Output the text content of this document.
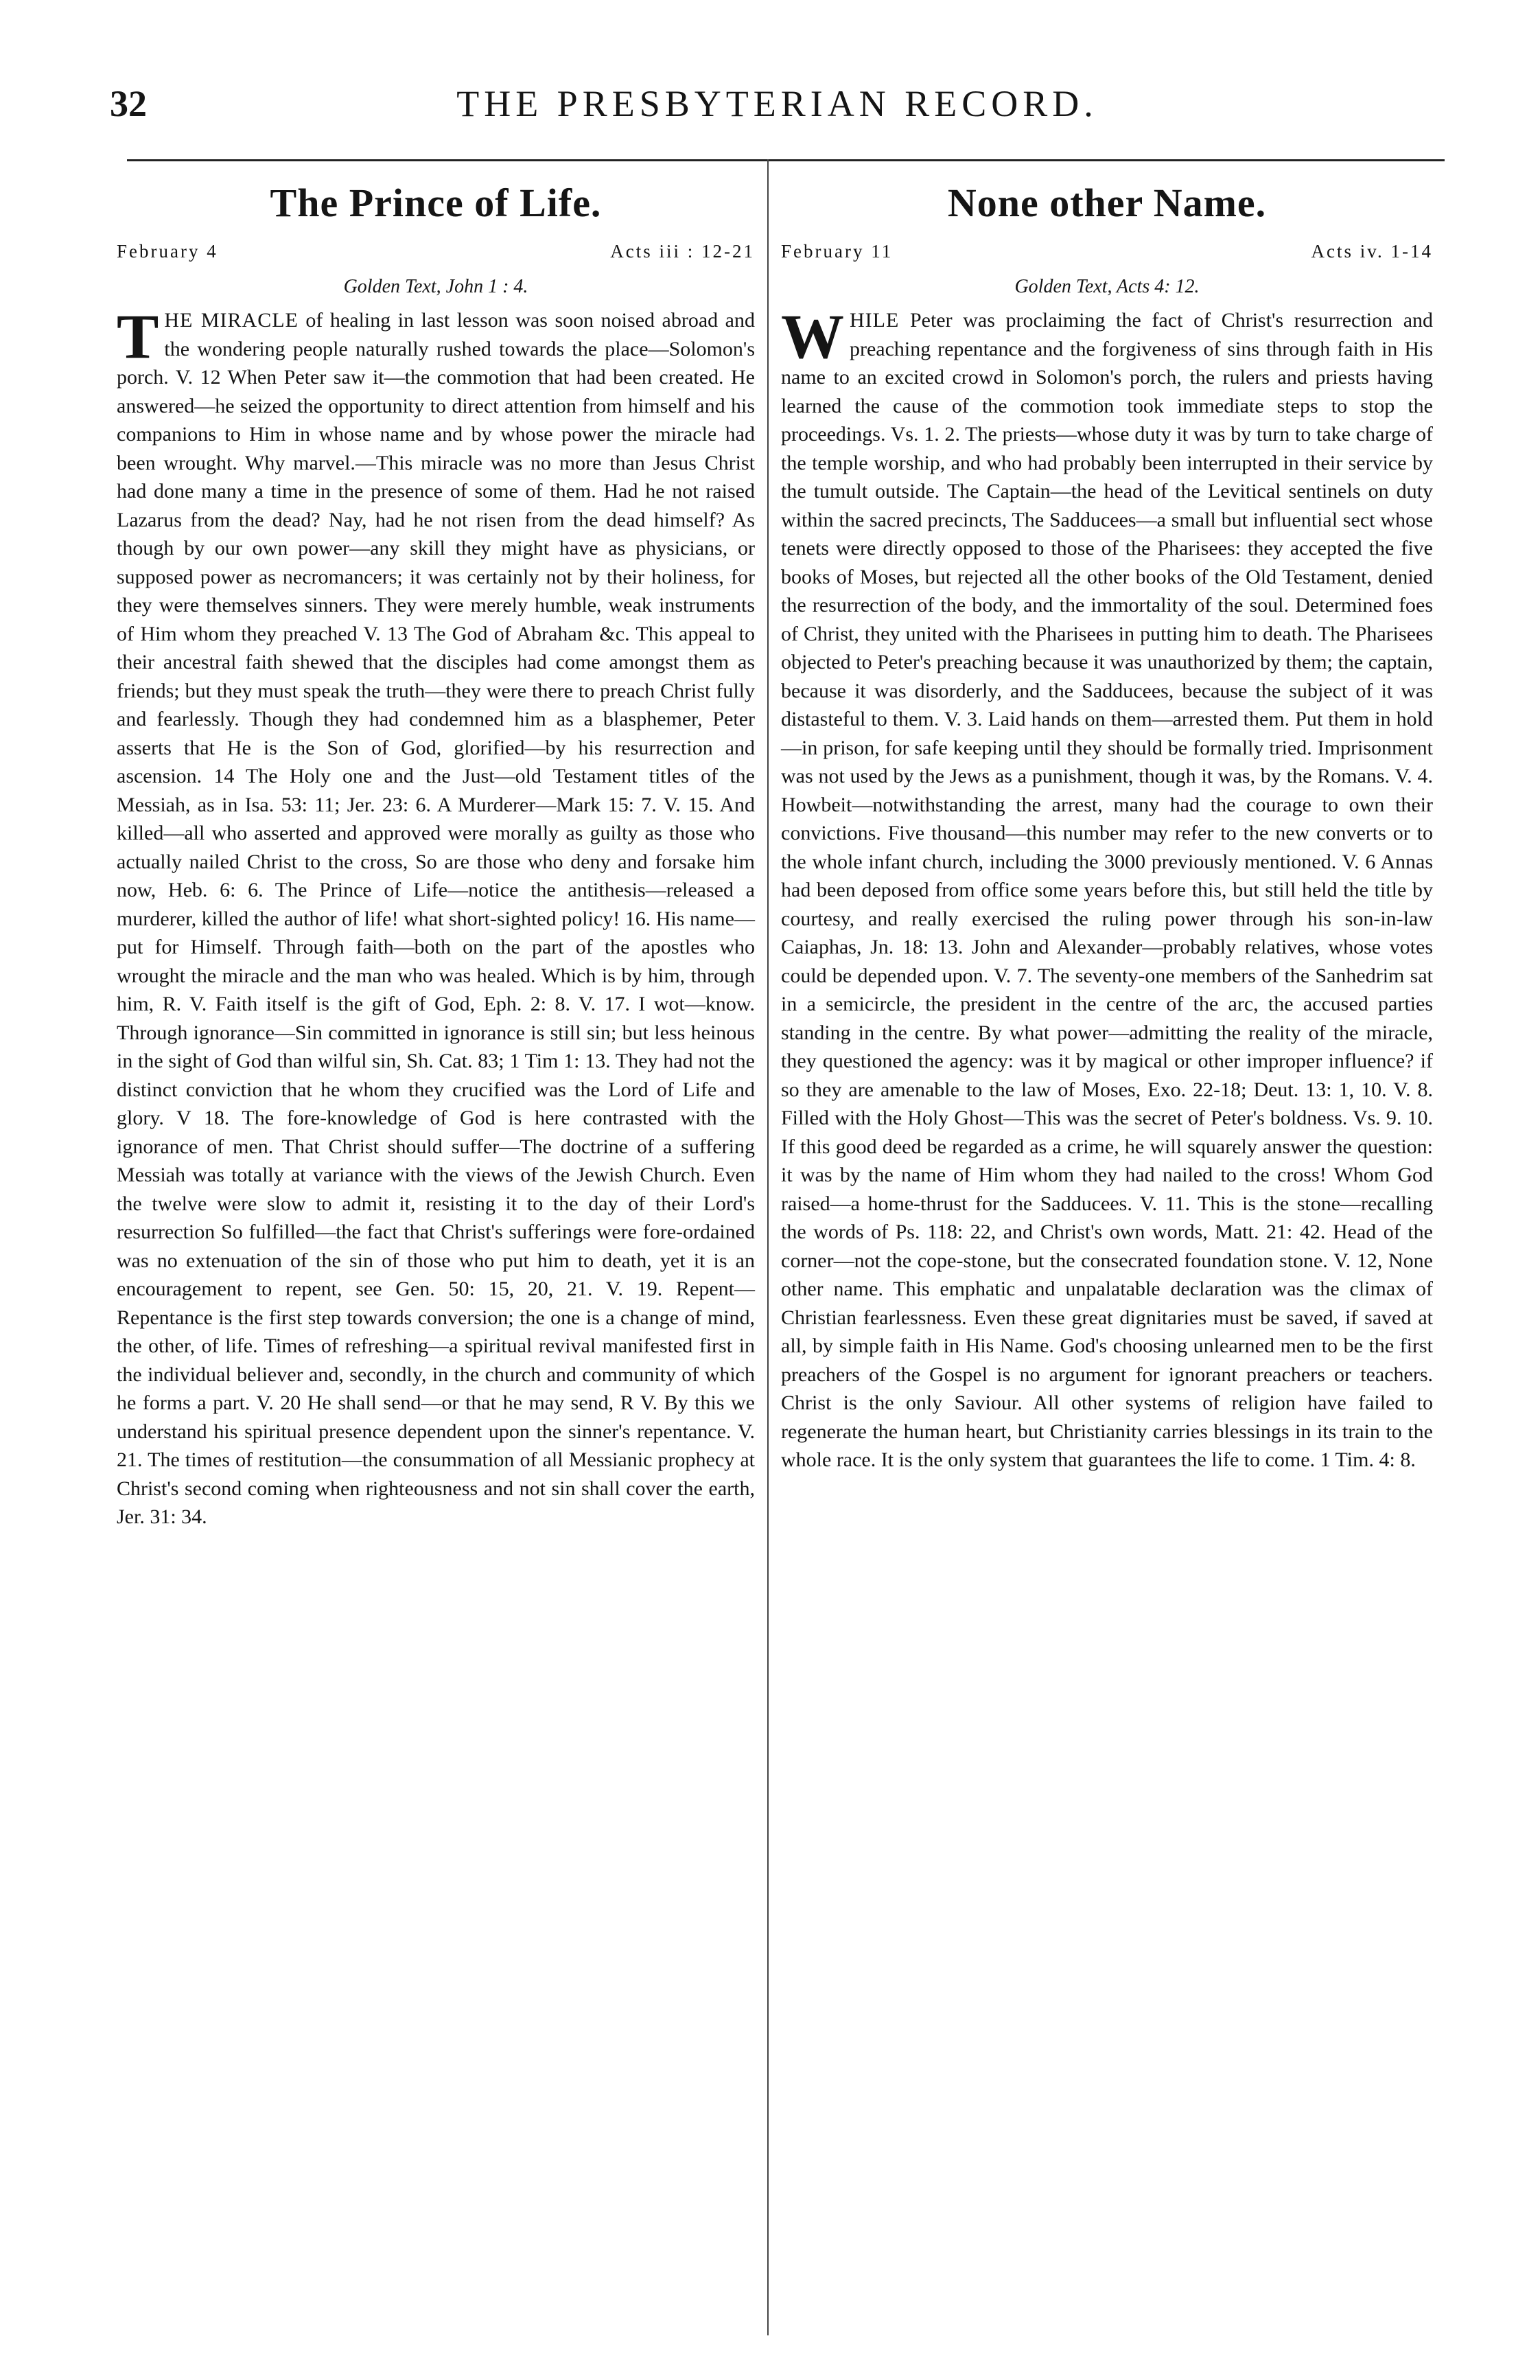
32	THE PRESBYTERIAN RECORD.
The Prince of Life.
February 4	Acts iii : 12-21
Golden Text, John 1 : 4.
THE MIRACLE of healing in last lesson was soon noised abroad and the wondering people naturally rushed towards the place—Solomon's porch. V. 12 When Peter saw it—the commotion that had been created. He answered—he seized the opportunity to direct attention from himself and his companions to Him in whose name and by whose power the miracle had been wrought. Why marvel.—This miracle was no more than Jesus Christ had done many a time in the presence of some of them. Had he not raised Lazarus from the dead? Nay, had he not risen from the dead himself? As though by our own power—any skill they might have as physicians, or supposed power as necromancers; it was certainly not by their holiness, for they were themselves sinners. They were merely humble, weak instruments of Him whom they preached V. 13 The God of Abraham &c. This appeal to their ancestral faith shewed that the disciples had come amongst them as friends; but they must speak the truth—they were there to preach Christ fully and fearlessly. Though they had condemned him as a blasphemer, Peter asserts that He is the Son of God, glorified—by his resurrection and ascension. 14 The Holy one and the Just—old Testament titles of the Messiah, as in Isa. 53: 11; Jer. 23: 6. A Murderer—Mark 15: 7. V. 15. And killed—all who asserted and approved were morally as guilty as those who actually nailed Christ to the cross, So are those who deny and forsake him now, Heb. 6: 6. The Prince of Life—notice the antithesis—released a murderer, killed the author of life! what short-sighted policy! 16. His name—put for Himself. Through faith—both on the part of the apostles who wrought the miracle and the man who was healed. Which is by him, through him, R. V. Faith itself is the gift of God, Eph. 2: 8. V. 17. I wot—know. Through ignorance—Sin committed in ignorance is still sin; but less heinous in the sight of God than wilful sin, Sh. Cat. 83; 1 Tim 1: 13. They had not the distinct conviction that he whom they crucified was the Lord of Life and glory. V 18. The fore-knowledge of God is here contrasted with the ignorance of men. That Christ should suffer—The doctrine of a suffering Messiah was totally at variance with the views of the Jewish Church. Even the twelve were slow to admit it, resisting it to the day of their Lord's resurrection So fulfilled—the fact that Christ's sufferings were fore-ordained was no extenuation of the sin of those who put him to death, yet it is an encouragement to repent, see Gen. 50: 15, 20, 21. V. 19. Repent—Repentance is the first step towards conversion; the one is a change of mind, the other, of life. Times of refreshing—a spiritual revival manifested first in the individual believer and, secondly, in the church and community of which he forms a part. V. 20 He shall send—or that he may send, R V. By this we understand his spiritual presence dependent upon the sinner's repentance. V. 21. The times of restitution—the consummation of all Messianic prophecy at Christ's second coming when righteousness and not sin shall cover the earth, Jer. 31: 34.
None other Name.
February 11	Acts iv. 1-14
Golden Text, Acts 4: 12.
WHILE Peter was proclaiming the fact of Christ's resurrection and preaching repentance and the forgiveness of sins through faith in His name to an excited crowd in Solomon's porch, the rulers and priests having learned the cause of the commotion took immediate steps to stop the proceedings. Vs. 1. 2. The priests—whose duty it was by turn to take charge of the temple worship, and who had probably been interrupted in their service by the tumult outside. The Captain—the head of the Levitical sentinels on duty within the sacred precincts, The Sadducees—a small but influential sect whose tenets were directly opposed to those of the Pharisees: they accepted the five books of Moses, but rejected all the other books of the Old Testament, denied the resurrection of the body, and the immortality of the soul. Determined foes of Christ, they united with the Pharisees in putting him to death. The Pharisees objected to Peter's preaching because it was unauthorized by them; the captain, because it was disorderly, and the Sadducees, because the subject of it was distasteful to them. V. 3. Laid hands on them—arrested them. Put them in hold—in prison, for safe keeping until they should be formally tried. Imprisonment was not used by the Jews as a punishment, though it was, by the Romans. V. 4. Howbeit—notwithstanding the arrest, many had the courage to own their convictions. Five thousand—this number may refer to the new converts or to the whole infant church, including the 3000 previously mentioned. V. 6 Annas had been deposed from office some years before this, but still held the title by courtesy, and really exercised the ruling power through his son-in-law Caiaphas, Jn. 18: 13. John and Alexander—probably relatives, whose votes could be depended upon. V. 7. The seventy-one members of the Sanhedrim sat in a semicircle, the president in the centre of the arc, the accused parties standing in the centre. By what power—admitting the reality of the miracle, they questioned the agency: was it by magical or other improper influence? if so they are amenable to the law of Moses, Exo. 22-18; Deut. 13: 1, 10. V. 8. Filled with the Holy Ghost—This was the secret of Peter's boldness. Vs. 9. 10. If this good deed be regarded as a crime, he will squarely answer the question: it was by the name of Him whom they had nailed to the cross! Whom God raised—a home-thrust for the Sadducees. V. 11. This is the stone—recalling the words of Ps. 118: 22, and Christ's own words, Matt. 21: 42. Head of the corner—not the cope-stone, but the consecrated foundation stone. V. 12, None other name. This emphatic and unpalatable declaration was the climax of Christian fearlessness. Even these great dignitaries must be saved, if saved at all, by simple faith in His Name. God's choosing unlearned men to be the first preachers of the Gospel is no argument for ignorant preachers or teachers. Christ is the only Saviour. All other systems of religion have failed to regenerate the human heart, but Christianity carries blessings in its train to the whole race. It is the only system that guarantees the life to come. 1 Tim. 4: 8.
